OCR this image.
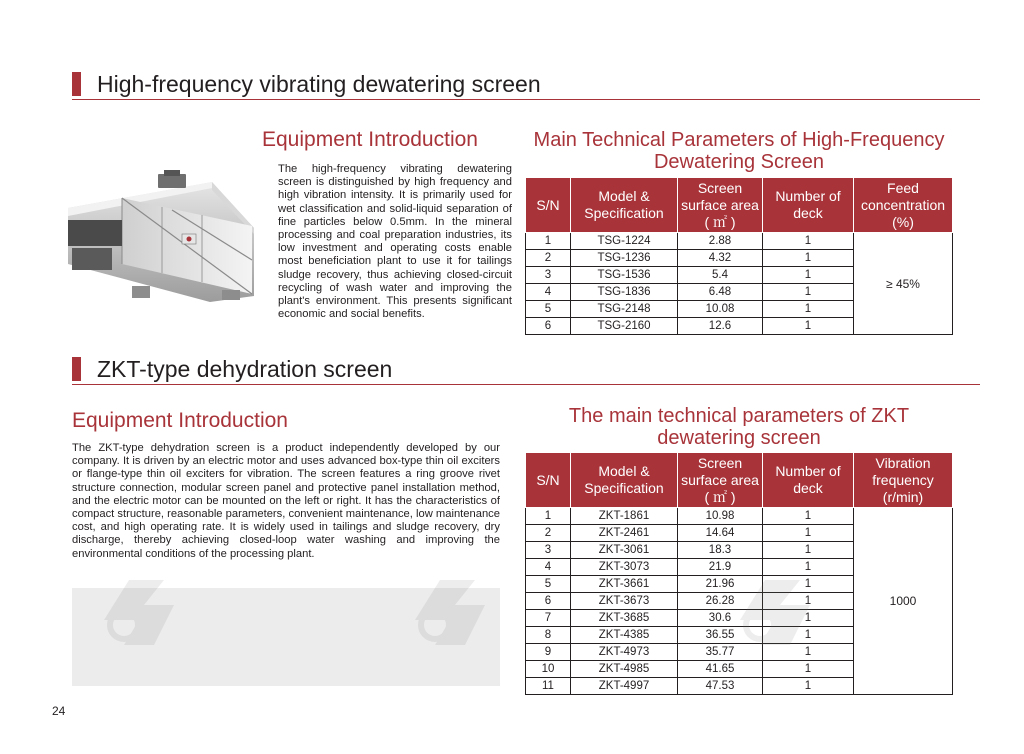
High-frequency vibrating dewatering screen
Equipment Introduction
The high-frequency vibrating dewatering screen is distinguished by high frequency and high vibration intensity. It is primarily used for wet classification and solid-liquid separation of fine particles below 0.5mm. In the mineral processing and coal preparation industries, its low investment and operating costs enable most beneficiation plant to use it for tailings sludge recovery, thus achieving closed-circuit recycling of wash water and improving the plant's environment. This presents significant economic and social benefits.
Main Technical Parameters of High-Frequency Dewatering Screen
S/N	Model & Specification	Screen surface area ( ㎡ )	Number of deck	Feed concentration (%)
1	TSG-1224	2.88	1	≥ 45%
2	TSG-1236	4.32	1	
3	TSG-1536	5.4	1	
4	TSG-1836	6.48	1	
5	TSG-2148	10.08	1	
6	TSG-2160	12.6	1	
ZKT-type dehydration screen
Equipment Introduction
The ZKT-type dehydration screen is a product independently developed by our company. It is driven by an electric motor and uses advanced box-type thin oil exciters or flange-type thin oil exciters for vibration. The screen features a ring groove rivet structure connection, modular screen panel and protective panel installation method, and the electric motor can be mounted on the left or right. It has the characteristics of compact structure, reasonable parameters, convenient maintenance, low maintenance cost, and high operating rate. It is widely used in tailings and sludge recovery, dry discharge, thereby achieving closed-loop water washing and improving the environmental conditions of the processing plant.
The main technical parameters of ZKT dewatering screen
S/N	Model & Specification	Screen surface area ( ㎡ )	Number of deck	Vibration frequency (r/min)
1	ZKT-1861	10.98	1	1000
2	ZKT-2461	14.64	1	
3	ZKT-3061	18.3	1	
4	ZKT-3073	21.9	1	
5	ZKT-3661	21.96	1	
6	ZKT-3673	26.28	1	
7	ZKT-3685	30.6	1	
8	ZKT-4385	36.55	1	
9	ZKT-4973	35.77	1	
10	ZKT-4985	41.65	1	
11	ZKT-4997	47.53	1	
24
